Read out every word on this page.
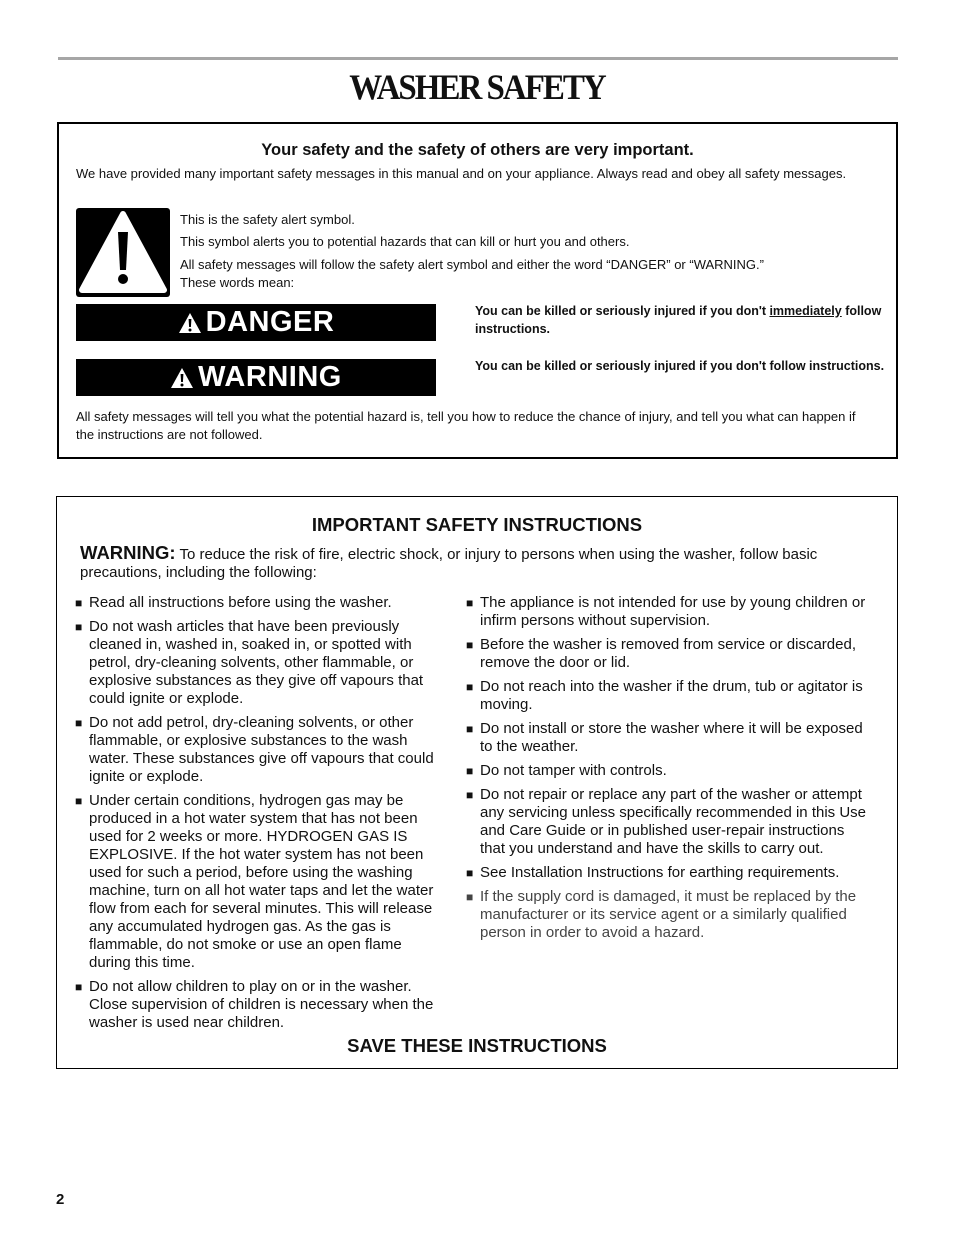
WASHER SAFETY
Your safety and the safety of others are very important.
We have provided many important safety messages in this manual and on your appliance. Always read and obey all safety messages.
This is the safety alert symbol.
This symbol alerts you to potential hazards that can kill or hurt you and others.
All safety messages will follow the safety alert symbol and either the word “DANGER” or “WARNING.”
These words mean:
DANGER	You can be killed or seriously injured if you don't immediately follow instructions.
WARNING	You can be killed or seriously injured if you don't follow instructions.
All safety messages will tell you what the potential hazard is, tell you how to reduce the chance of injury, and tell you what can happen if the instructions are not followed.
IMPORTANT SAFETY INSTRUCTIONS
WARNING: To reduce the risk of fire, electric shock, or injury to persons when using the washer, follow basic precautions, including the following:
■ Read all instructions before using the washer.
■ Do not wash articles that have been previously cleaned in, washed in, soaked in, or spotted with petrol, dry-cleaning solvents, other flammable, or explosive substances as they give off vapours that could ignite or explode.
■ Do not add petrol, dry-cleaning solvents, or other flammable, or explosive substances to the wash water. These substances give off vapours that could ignite or explode.
■ Under certain conditions, hydrogen gas may be produced in a hot water system that has not been used for 2 weeks or more. HYDROGEN GAS IS EXPLOSIVE. If the hot water system has not been used for such a period, before using the washing machine, turn on all hot water taps and let the water flow from each for several minutes. This will release any accumulated hydrogen gas. As the gas is flammable, do not smoke or use an open flame during this time.
■ Do not allow children to play on or in the washer. Close supervision of children is necessary when the washer is used near children.
■ The appliance is not intended for use by young children or infirm persons without supervision.
■ Before the washer is removed from service or discarded, remove the door or lid.
■ Do not reach into the washer if the drum, tub or agitator is moving.
■ Do not install or store the washer where it will be exposed to the weather.
■ Do not tamper with controls.
■ Do not repair or replace any part of the washer or attempt any servicing unless specifically recommended in this Use and Care Guide or in published user-repair instructions that you understand and have the skills to carry out.
■ See Installation Instructions for earthing requirements.
■ If the supply cord is damaged, it must be replaced by the manufacturer or its service agent or a similarly qualified person in order to avoid a hazard.
SAVE THESE INSTRUCTIONS
2
